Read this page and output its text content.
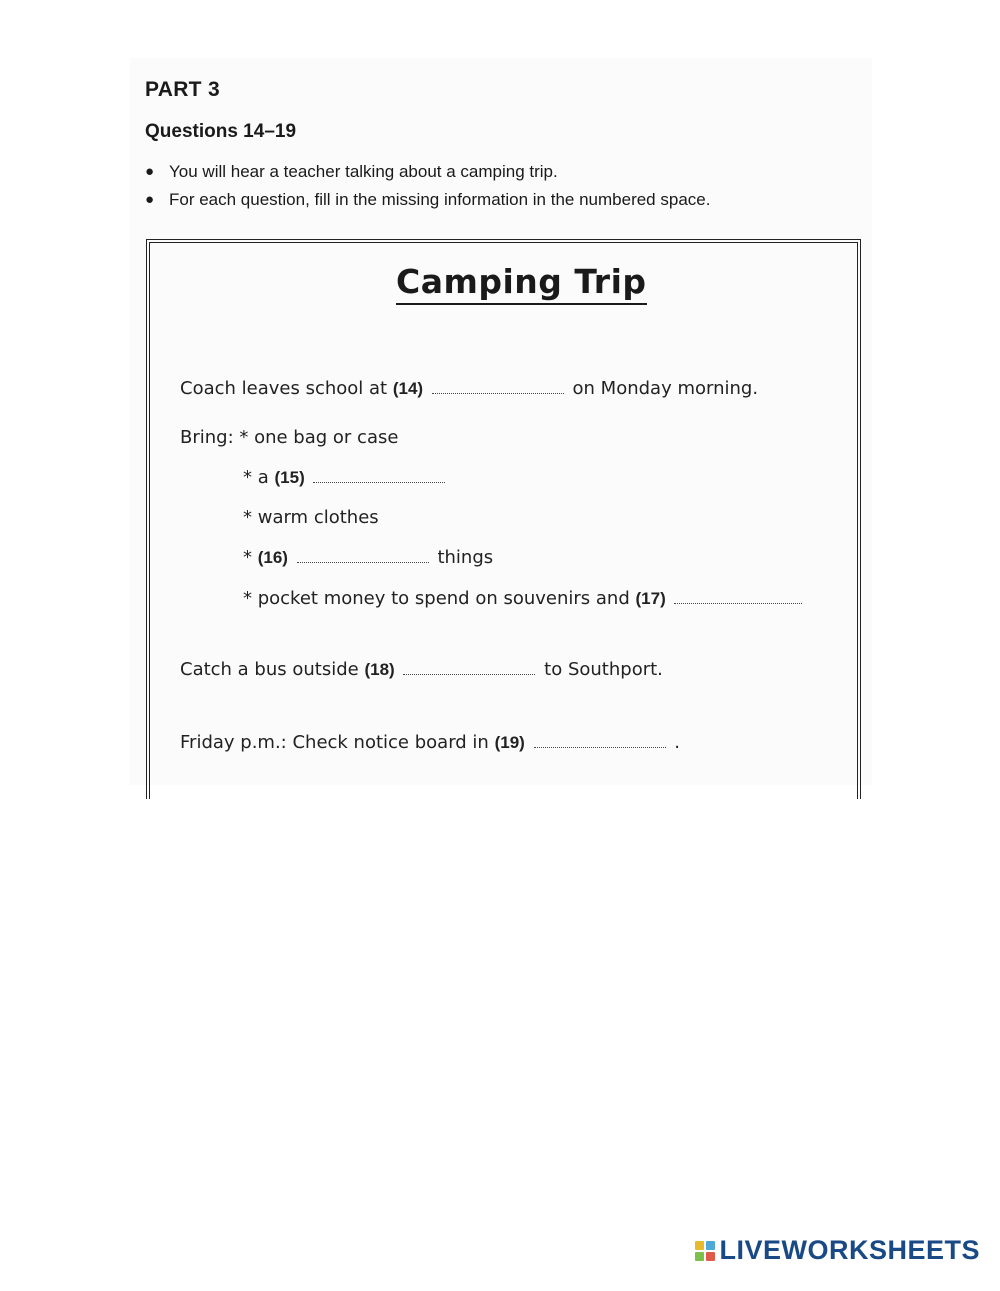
PART 3
Questions 14–19
● You will hear a teacher talking about a camping trip.
● For each question, fill in the missing information in the numbered space.
Camping Trip
Coach leaves school at (14)	on Monday morning.
Bring: * one bag or case
* a (15)
* warm clothes
* (16)	things
* pocket money to spend on souvenirs and (17)
Catch a bus outside (18)	to Southport.
Friday p.m.: Check notice board in (19)	.
LIVEWORKSHEETS
